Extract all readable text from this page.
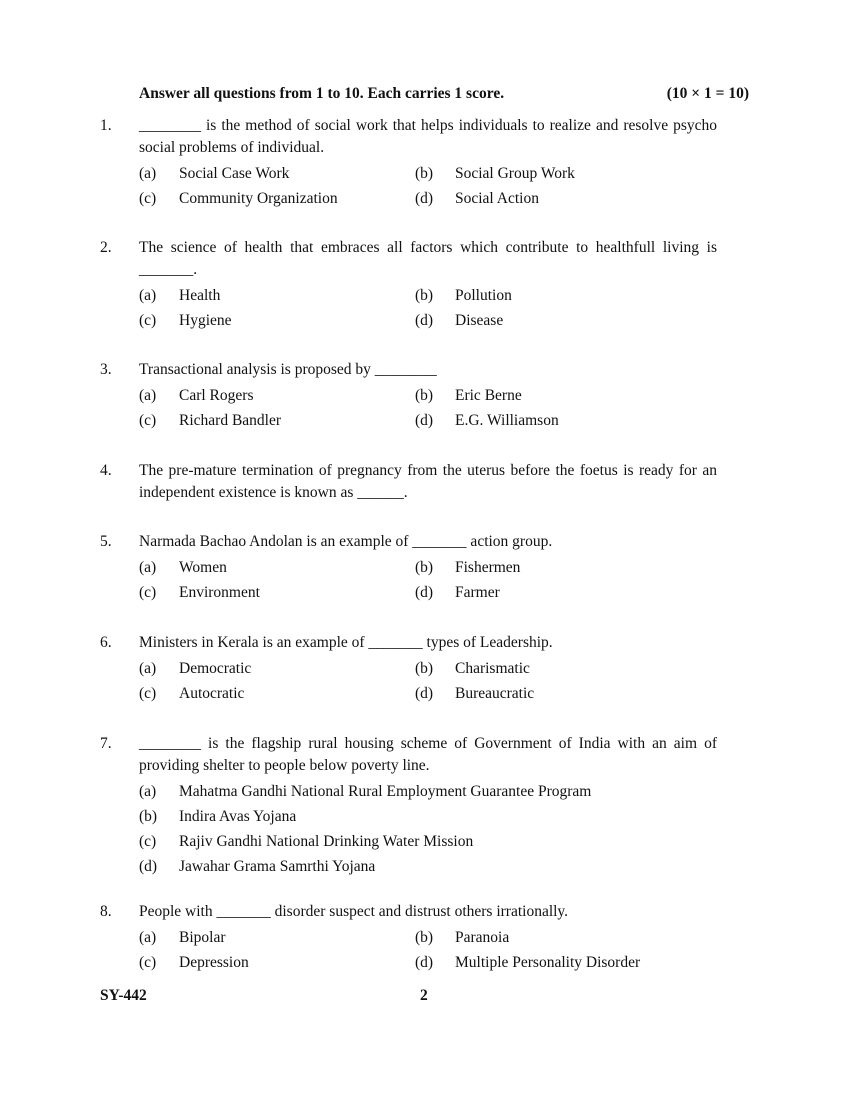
Answer all questions from 1 to 10. Each carries 1 score.	(10 × 1 = 10)
1. ________ is the method of social work that helps individuals to realize and resolve psycho social problems of individual.
(a)	Social Case Work	(b)	Social Group Work
(c)	Community Organization	(d)	Social Action
2. The science of health that embraces all factors which contribute to healthfull living is _______.
(a)	Health	(b)	Pollution
(c)	Hygiene	(d)	Disease
3. Transactional analysis is proposed by ________
(a)	Carl Rogers	(b)	Eric Berne
(c)	Richard Bandler	(d)	E.G. Williamson
4. The pre-mature termination of pregnancy from the uterus before the foetus is ready for an independent existence is known as ______.
5. Narmada Bachao Andolan is an example of _______ action group.
(a)	Women	(b)	Fishermen
(c)	Environment	(d)	Farmer
6. Ministers in Kerala is an example of _______ types of Leadership.
(a)	Democratic	(b)	Charismatic
(c)	Autocratic	(d)	Bureaucratic
7. ________ is the flagship rural housing scheme of Government of India with an aim of providing shelter to people below poverty line.
(a)	Mahatma Gandhi National Rural Employment Guarantee Program
(b)	Indira Avas Yojana
(c)	Rajiv Gandhi National Drinking Water Mission
(d)	Jawahar Grama Samrthi Yojana
8. People with _______ disorder suspect and distrust others irrationally.
(a)	Bipolar	(b)	Paranoia
(c)	Depression	(d)	Multiple Personality Disorder
SY-442	2
